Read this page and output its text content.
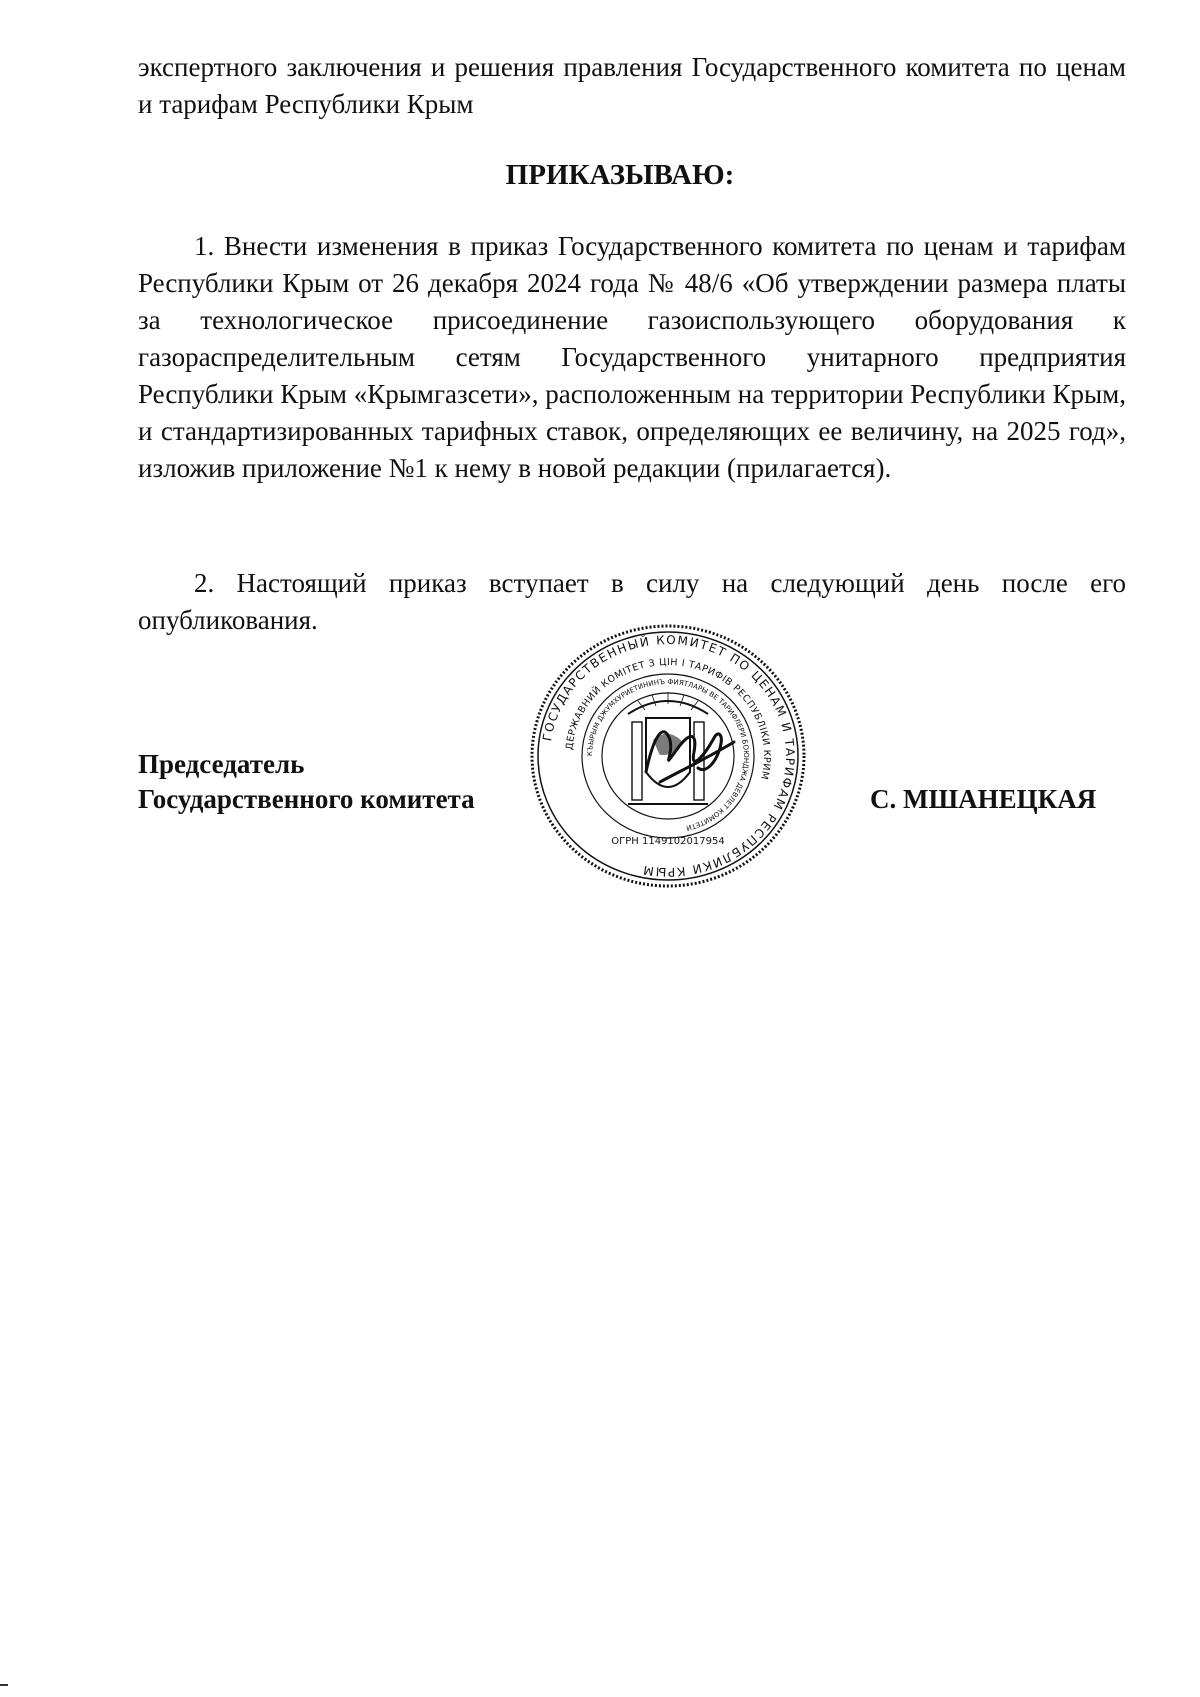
экспертного заключения и решения правления Государственного комитета по ценам и тарифам Республики Крым

ПРИКАЗЫВАЮ:

1. Внести изменения в приказ Государственного комитета по ценам и тарифам Республики Крым от 26 декабря 2024 года № 48/6 «Об утверждении размера платы за технологическое присоединение газоиспользующего оборудования к газораспределительным сетям Государственного унитарного предприятия Республики Крым «Крымгазсети», расположенным на территории Республики Крым, и стандартизированных тарифных ставок, определяющих ее величину, на 2025 год», изложив приложение №1 к нему в новой редакции (прилагается).

2. Настоящий приказ вступает в силу на следующий день после его опубликования.

Председатель
Государственного комитета
ГОСУДАРСТВЕННЫЙ КОМИТЕТ ПО ЦЕНАМ И ТАРИФАМ РЕСПУБЛИКИ КРЫМ
ДЕРЖАВНИЙ КОМІТЕТ З ЦІН І ТАРИФІВ РЕСПУБЛІКИ КРИМ
КЪЫРЫМ ДЖУМХУРИЕТИНИНЪ ФИЯТЛАРЫ ВЕ ТАРИФЛЕРИ БОЮНДЖА ДЕВЛЕТ КОМИТЕТИ
ОГРН 1149102017954
С. МШАНЕЦКАЯ
